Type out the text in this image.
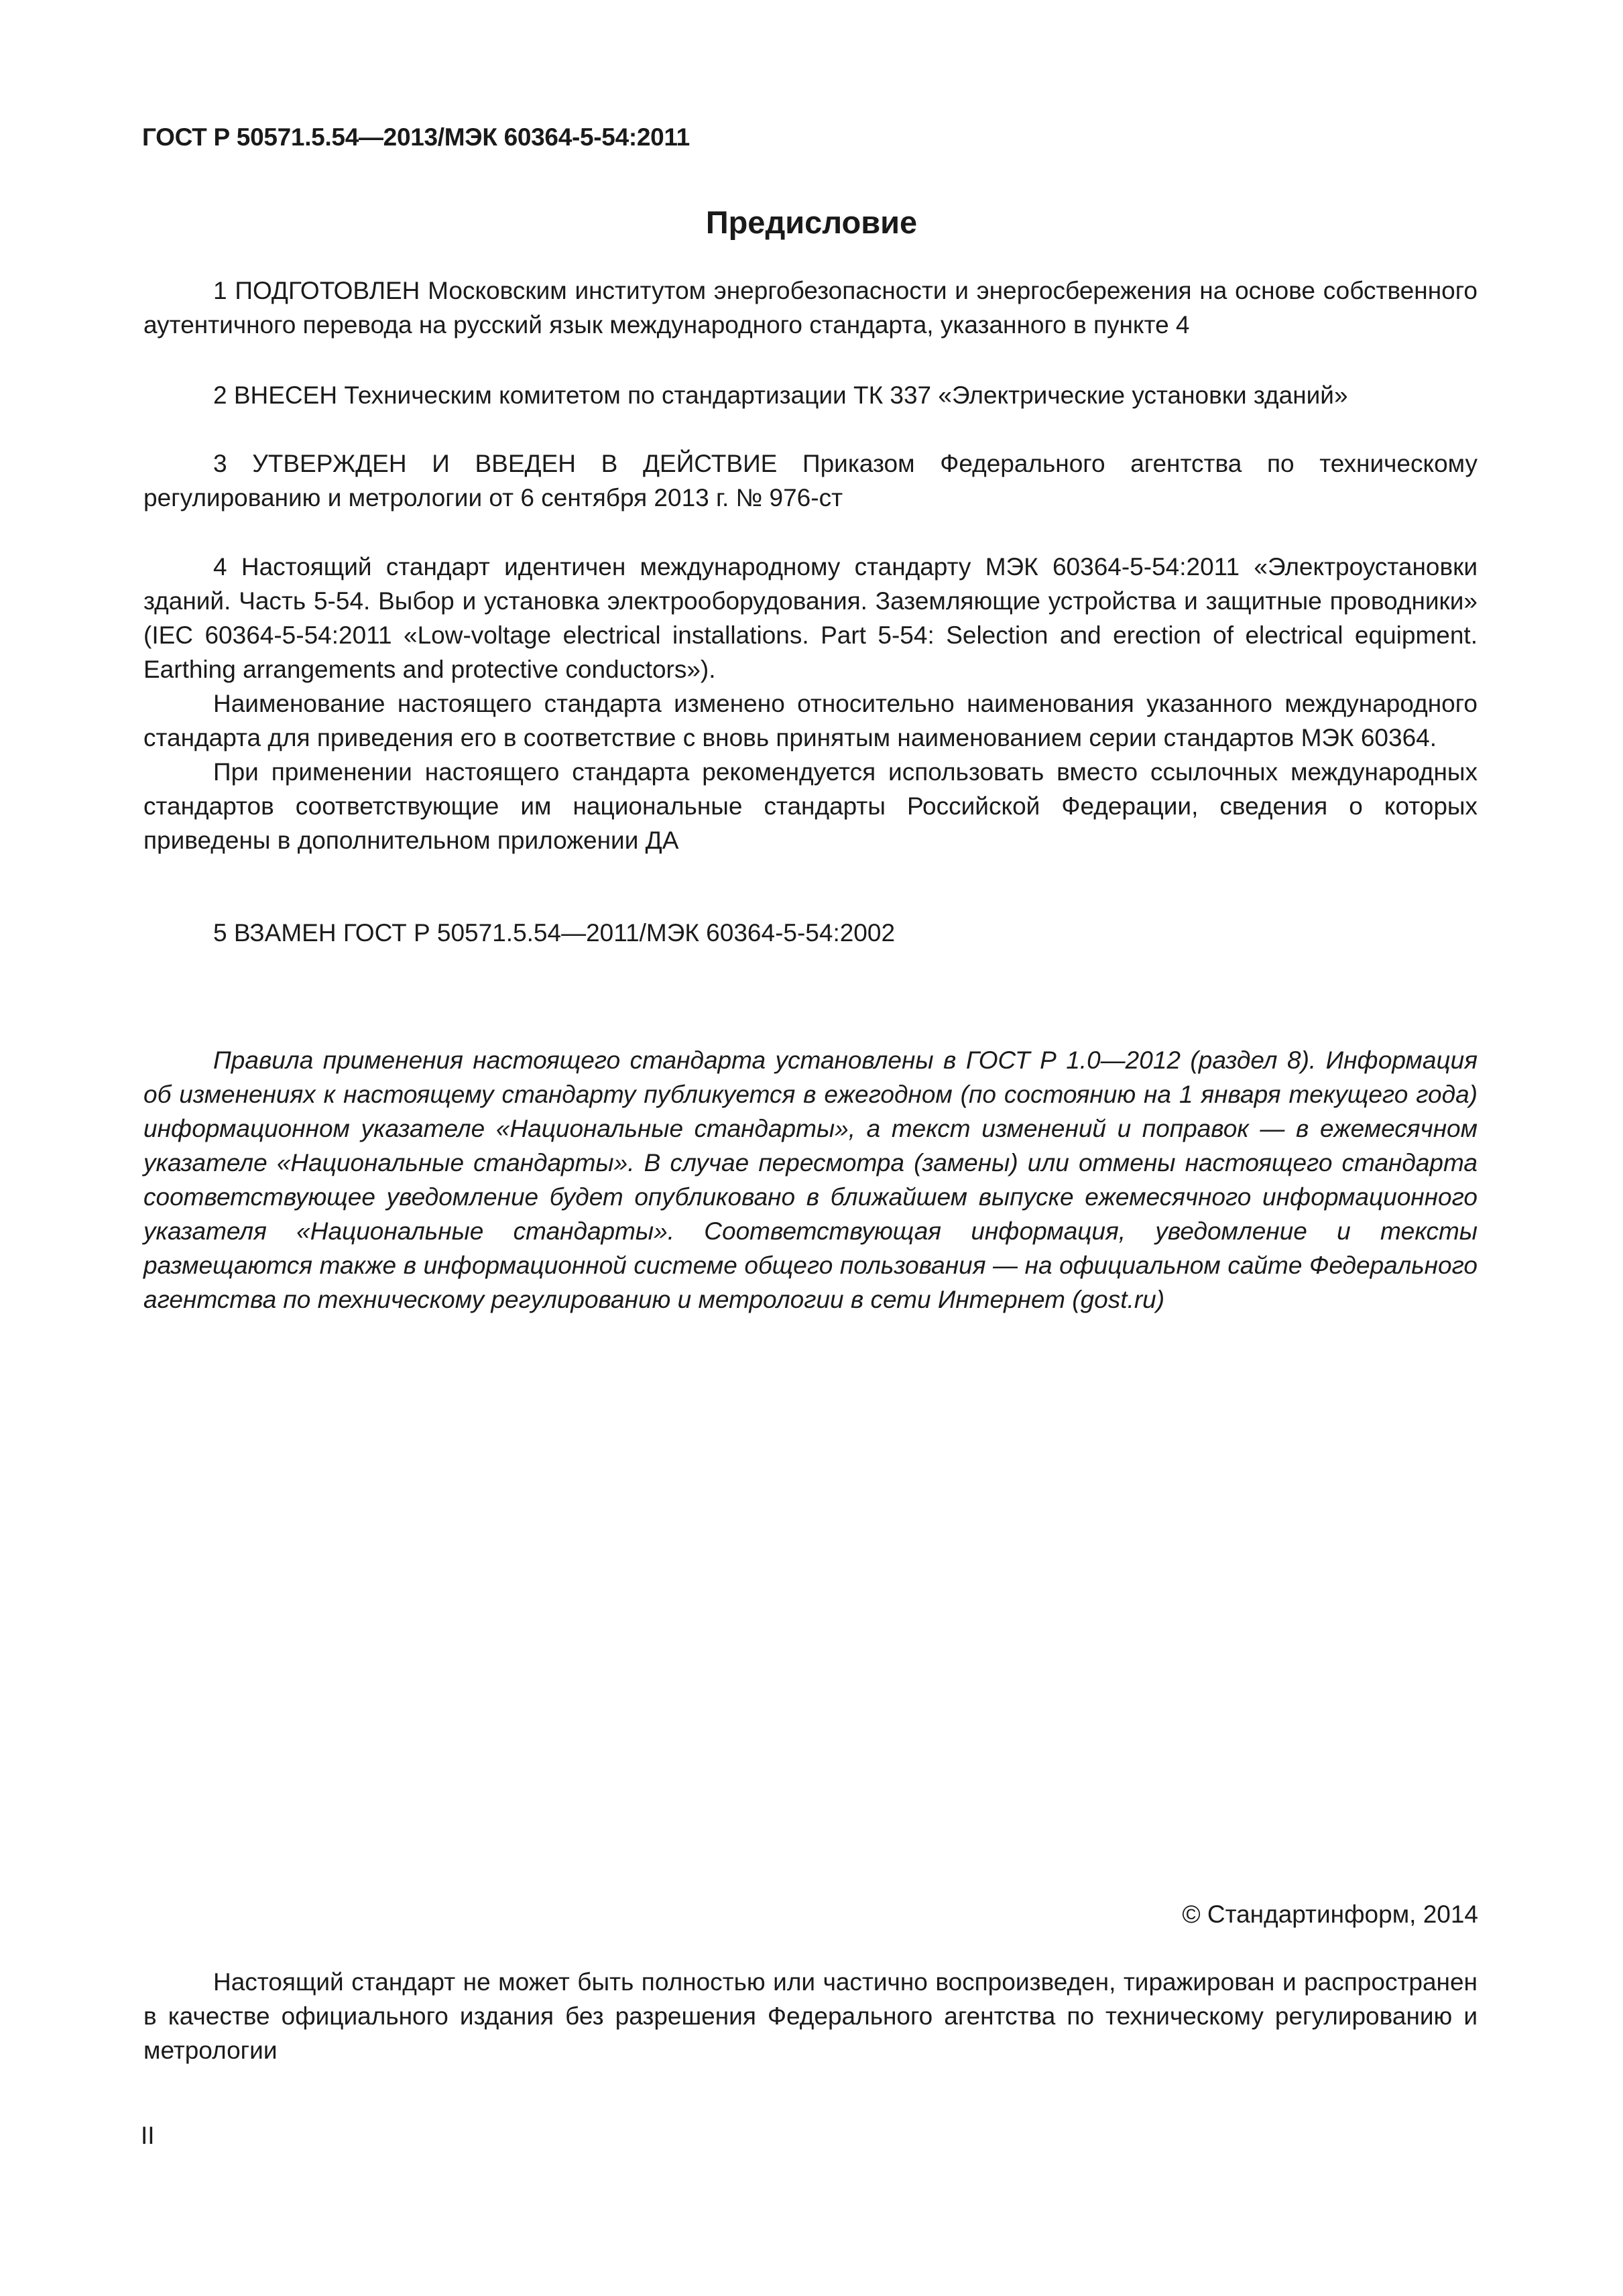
ГОСТ Р 50571.5.54—2013/МЭК 60364-5-54:2011
Предисловие

1 ПОДГОТОВЛЕН Московским институтом энергобезопасности и энергосбережения на основе собственного аутентичного перевода на русский язык международного стандарта, указанного в пункте 4

2 ВНЕСЕН Техническим комитетом по стандартизации ТК 337 «Электрические установки зданий»

3 УТВЕРЖДЕН И ВВЕДЕН В ДЕЙСТВИЕ Приказом Федерального агентства по техническому регулированию и метрологии от 6 сентября 2013 г. № 976-ст

4 Настоящий стандарт идентичен международному стандарту МЭК 60364-5-54:2011 «Электроустановки зданий. Часть 5-54. Выбор и установка электрооборудования. Заземляющие устройства и защитные проводники» (IEC 60364-5-54:2011 «Low-voltage electrical installations. Part 5-54: Selection and erection of electrical equipment. Earthing arrangements and protective conductors»).

Наименование настоящего стандарта изменено относительно наименования указанного международного стандарта для приведения его в соответствие с вновь принятым наименованием серии стандартов МЭК 60364.

При применении настоящего стандарта рекомендуется использовать вместо ссылочных международных стандартов соответствующие им национальные стандарты Российской Федерации, сведения о которых приведены в дополнительном приложении ДА

5 ВЗАМЕН ГОСТ Р 50571.5.54—2011/МЭК 60364-5-54:2002

Правила применения настоящего стандарта установлены в ГОСТ Р 1.0—2012 (раздел 8). Информация об изменениях к настоящему стандарту публикуется в ежегодном (по состоянию на 1 января текущего года) информационном указателе «Национальные стандарты», а текст изменений и поправок — в ежемесячном указателе «Национальные стандарты». В случае пересмотра (замены) или отмены настоящего стандарта соответствующее уведомление будет опубликовано в ближайшем выпуске ежемесячного информационного указателя «Национальные стандарты». Соответствующая информация, уведомление и тексты размещаются также в информационной системе общего пользования — на официальном сайте Федерального агентства по техническому регулированию и метрологии в сети Интернет (gost.ru)

© Стандартинформ, 2014

Настоящий стандарт не может быть полностью или частично воспроизведен, тиражирован и распространен в качестве официального издания без разрешения Федерального агентства по техническому регулированию и метрологии

II
